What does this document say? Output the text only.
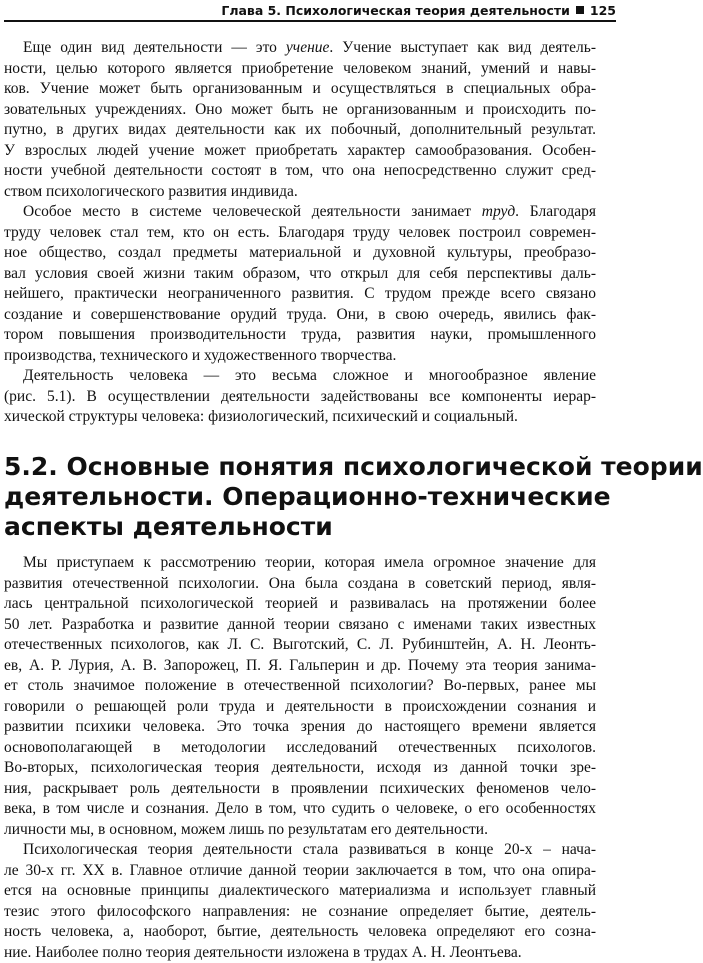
Глава 5. Психологическая теория деятельности 125
Еще один вид деятельности — это учение. Учение выступает как вид деятель-
ности, целью которого является приобретение человеком знаний, умений и навы-
ков. Учение может быть организованным и осуществляться в специальных обра-
зовательных учреждениях. Оно может быть не организованным и происходить по-
путно, в других видах деятельности как их побочный, дополнительный результат.
У взрослых людей учение может приобретать характер самообразования. Особен-
ности учебной деятельности состоят в том, что она непосредственно служит сред-
ством психологического развития индивида.
Особое место в системе человеческой деятельности занимает труд. Благодаря
труду человек стал тем, кто он есть. Благодаря труду человек построил современ-
ное общество, создал предметы материальной и духовной культуры, преобразо-
вал условия своей жизни таким образом, что открыл для себя перспективы даль-
нейшего, практически неограниченного развития. С трудом прежде всего связано
создание и совершенствование орудий труда. Они, в свою очередь, явились фак-
тором повышения производительности труда, развития науки, промышленного
производства, технического и художественного творчества.
Деятельность человека — это весьма сложное и многообразное явление
(рис. 5.1). В осуществлении деятельности задействованы все компоненты иерар-
хической структуры человека: физиологический, психический и социальный.
5.2. Основные понятия психологической теории
деятельности. Операционно-технические
аспекты деятельности
Мы приступаем к рассмотрению теории, которая имела огромное значение для
развития отечественной психологии. Она была создана в советский период, явля-
лась центральной психологической теорией и развивалась на протяжении более
50 лет. Разработка и развитие данной теории связано с именами таких известных
отечественных психологов, как Л. С. Выготский, С. Л. Рубинштейн, А. Н. Леонть-
ев, А. Р. Лурия, А. В. Запорожец, П. Я. Гальперин и др. Почему эта теория занима-
ет столь значимое положение в отечественной психологии? Во-первых, ранее мы
говорили о решающей роли труда и деятельности в происхождении сознания и
развитии психики человека. Это точка зрения до настоящего времени является
основополагающей в методологии исследований отечественных психологов.
Во-вторых, психологическая теория деятельности, исходя из данной точки зре-
ния, раскрывает роль деятельности в проявлении психических феноменов чело-
века, в том числе и сознания. Дело в том, что судить о человеке, о его особенностях
личности мы, в основном, можем лишь по результатам его деятельности.
Психологическая теория деятельности стала развиваться в конце 20-х – нача-
ле 30-х гг. XX в. Главное отличие данной теории заключается в том, что она опира-
ется на основные принципы диалектического материализма и использует главный
тезис этого философского направления: не сознание определяет бытие, деятель-
ность человека, а, наоборот, бытие, деятельность человека определяют его созна-
ние. Наиболее полно теория деятельности изложена в трудах А. Н. Леонтьева.
